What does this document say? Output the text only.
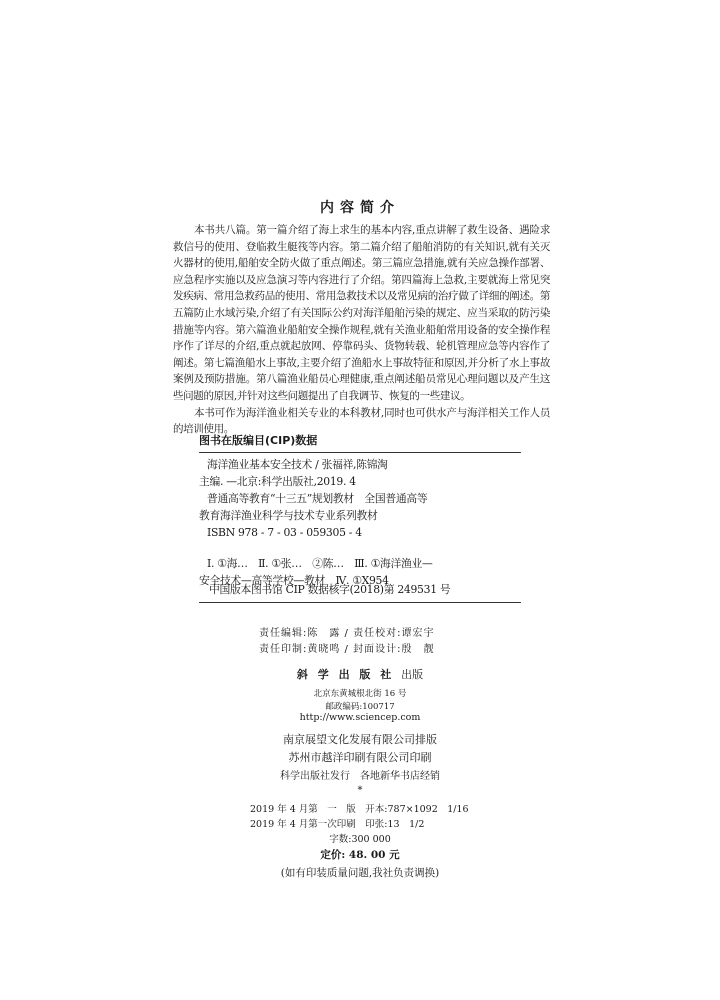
内容简介

本书共八篇。第一篇介绍了海上求生的基本内容,重点讲解了救生设备、遇险求救信号的使用、登临救生艇筏等内容。第二篇介绍了船舶消防的有关知识,就有关灭火器材的使用,船舶安全防火做了重点阐述。第三篇应急措施,就有关应急操作部署、应急程序实施以及应急演习等内容进行了介绍。第四篇海上急救,主要就海上常见突发疾病、常用急救药品的使用、常用急救技术以及常见病的治疗做了详细的阐述。第五篇防止水域污染,介绍了有关国际公约对海洋船舶污染的规定、应当采取的防污染措施等内容。第六篇渔业船舶安全操作规程,就有关渔业船舶常用设备的安全操作程序作了详尽的介绍,重点就起放网、停靠码头、货物转载、轮机管理应急等内容作了阐述。第七篇渔船水上事故,主要介绍了渔船水上事故特征和原因,并分析了水上事故案例及预防措施。第八篇渔业船员心理健康,重点阐述船员常见心理问题以及产生这些问题的原因,并针对这些问题提出了自我调节、恢复的一些建议。

本书可作为海洋渔业相关专业的本科教材,同时也可供水产与海洋相关工作人员的培训使用。

图书在版编目(CIP)数据
海洋渔业基本安全技术 / 张福祥,陈锦淘
主编. —北京:科学出版社,2019. 4
普通高等教育“十三五”规划教材　全国普通高等
教育海洋渔业科学与技术专业系列教材
ISBN 978 - 7 - 03 - 059305 - 4
Ⅰ. ①海…　Ⅱ. ①张…　②陈…　Ⅲ. ①海洋渔业—
安全技术—高等学校—教材　Ⅳ. ①X954
中国版本图书馆 CIP 数据核字(2018)第 249531 号
责任编辑:陈　露 / 责任校对:谭宏宇
责任印制:黄晓鸣 / 封面设计:殷　靓
斜 学 出 版 社 出版
北京东黄城根北街 16 号
邮政编码:100717
http://www.sciencep.com
南京展望文化发展有限公司排版
苏州市越洋印刷有限公司印刷
科学出版社发行　各地新华书店经销
*
2019 年 4 月第　一　版　开本:787×1092　1/16
2019 年 4 月第一次印刷　印张:13　1/2
字数:300 000
定价: 48. 00 元
(如有印装质量问题,我社负责调换)
